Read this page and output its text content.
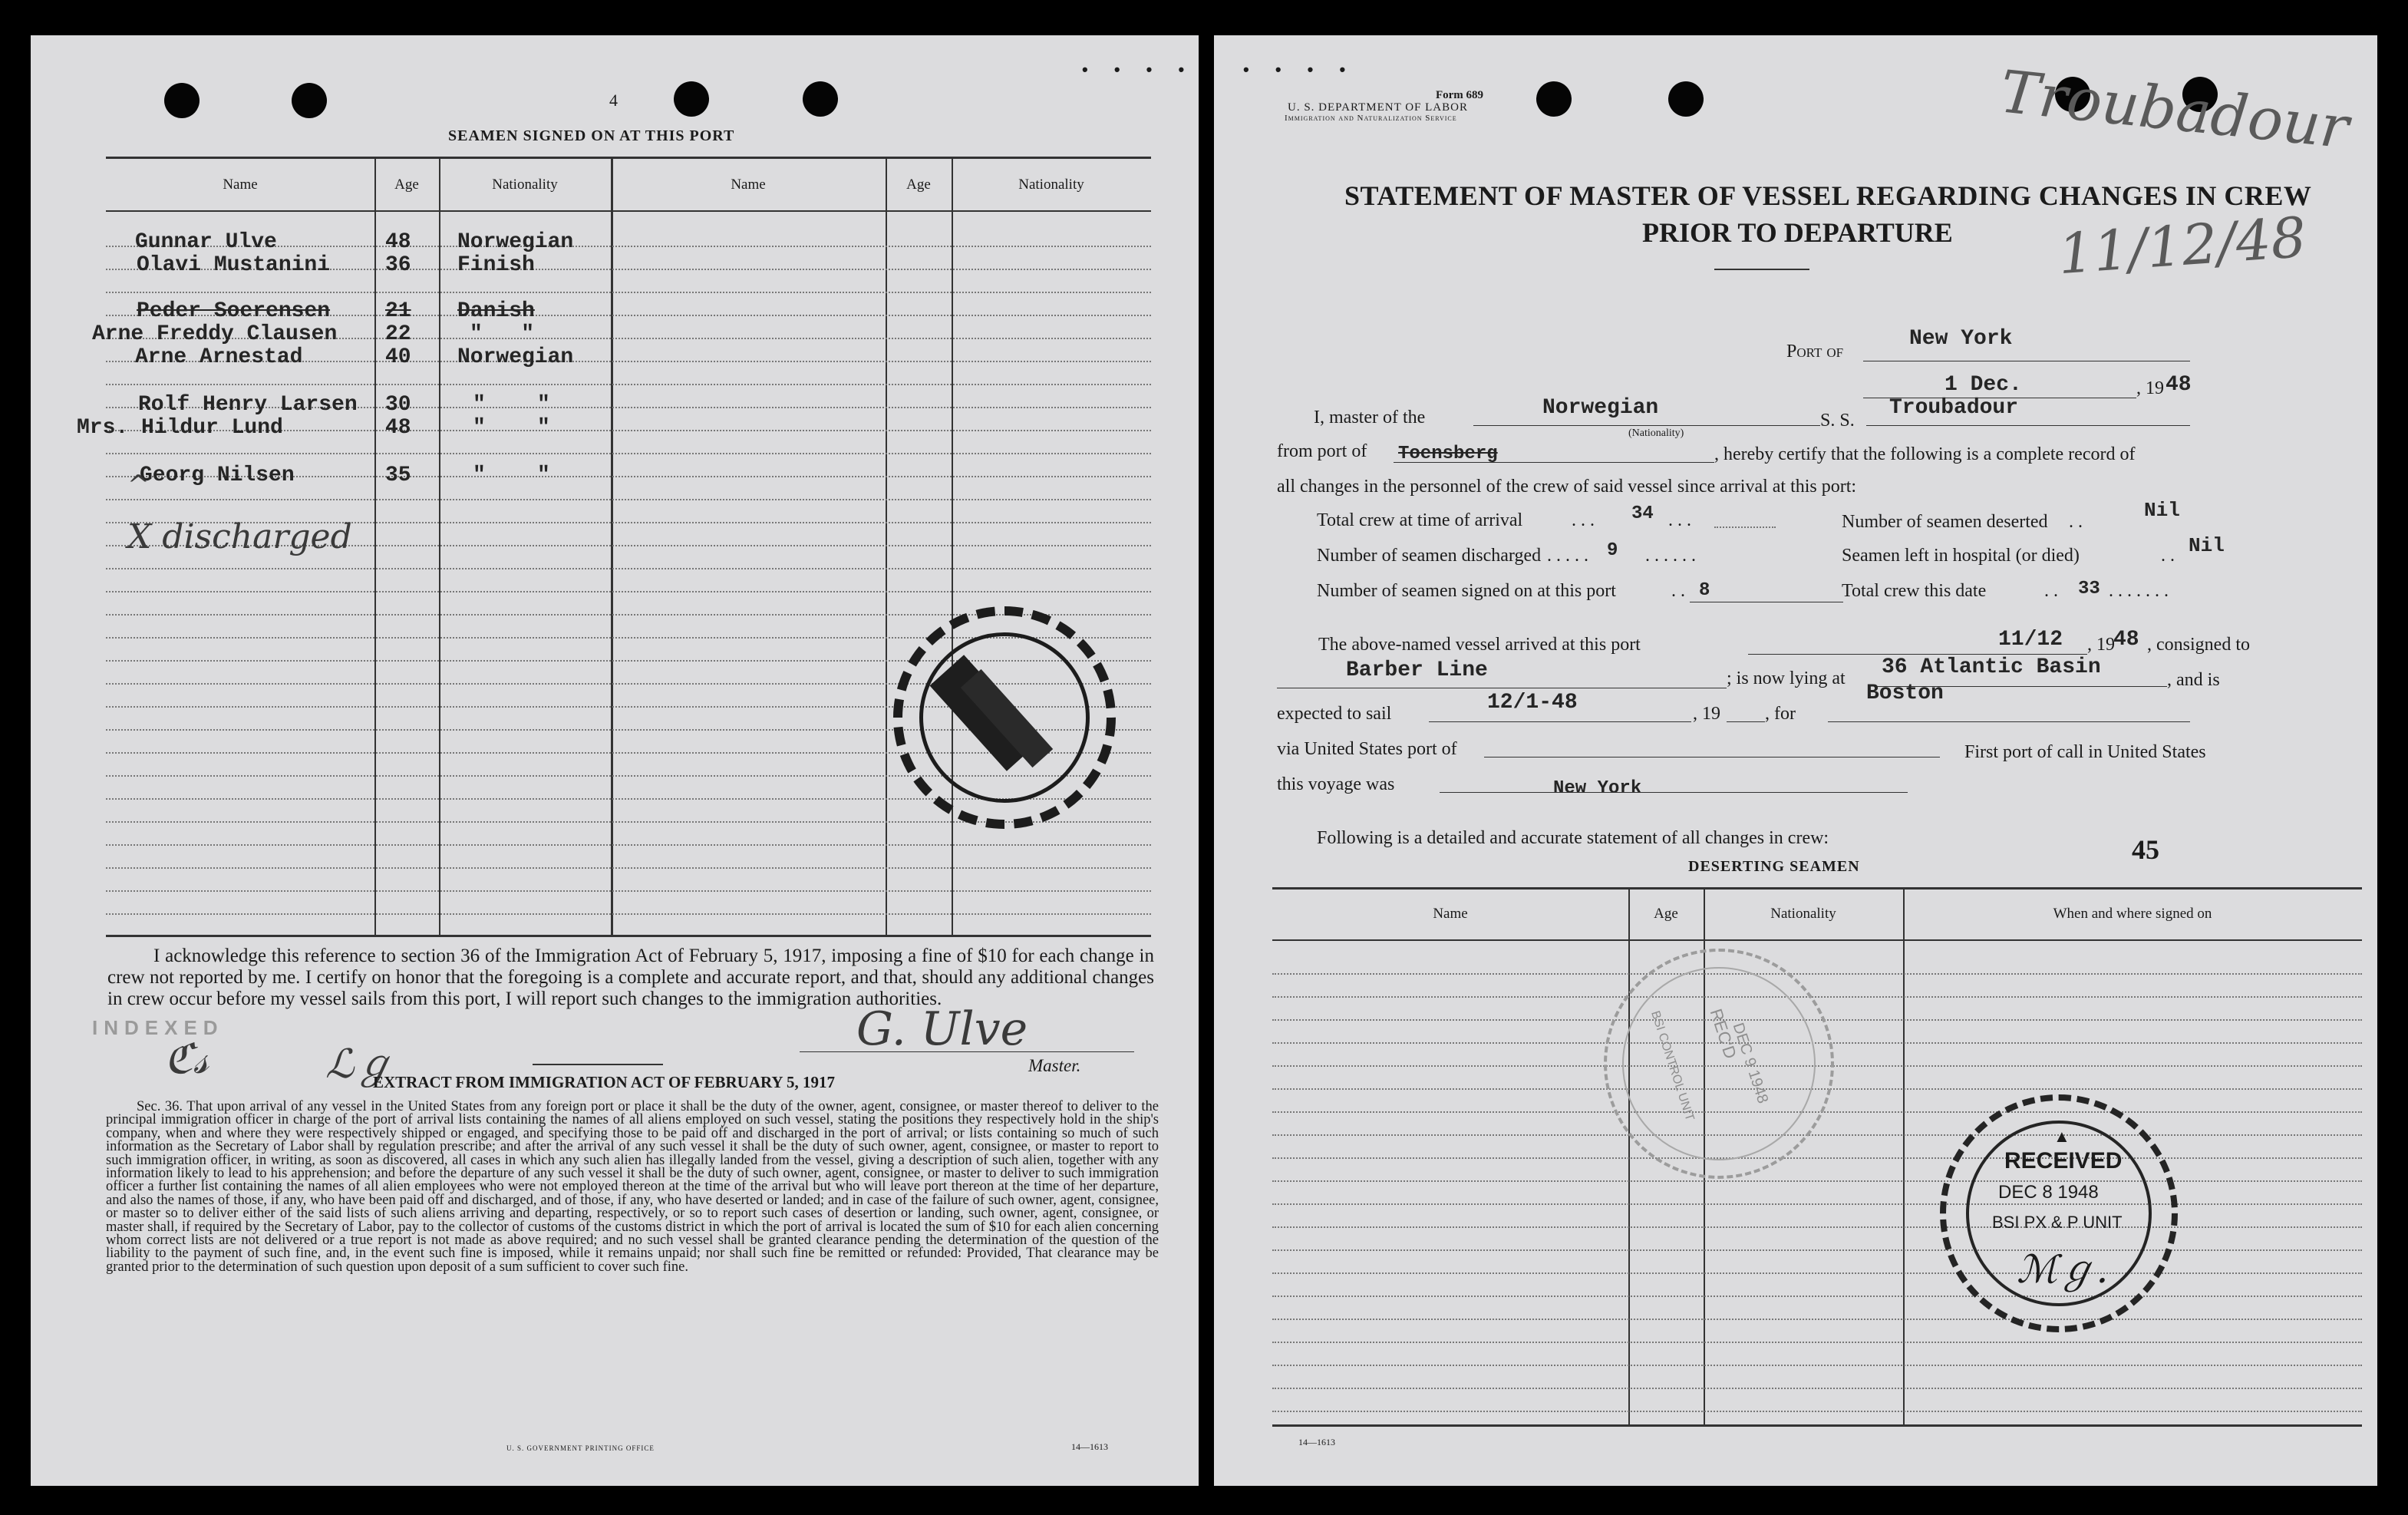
• • • •
4
SEAMEN SIGNED ON AT THIS PORT
Name	Age	Nationality	Name	Age	Nationality
Gunnar Ulve	48 Norwegian
Olavi Mustanini	36 Finish
Peder Soerensen	21 Danish
Arne Freddy Clausen 22	"   "
Arne Arnestad	40 Norwegian
Rolf Henry Larsen 30	"    "
Mrs. Hildur Lund	48	"    "
Georg Nilsen	35	"    "
^
X discharged
I acknowledge this reference to section 36 of the Immigration Act of February 5, 1917, imposing a fine of $10 for each change in crew not reported by me. I certify on honor that the foregoing is a complete and accurate report, and that, should any additional changes in crew occur before my vessel sails from this port, I will report such changes to the immigration authorities.
INDEXED
ℭ𝓈	ℒℊ
G. Ulve
Master.
EXTRACT FROM IMMIGRATION ACT OF FEBRUARY 5, 1917
Sec. 36. That upon arrival of any vessel in the United States from any foreign port or place it shall be the duty of the owner, agent, consignee, or master thereof to deliver to the principal immigration officer in charge of the port of arrival lists containing the names of all aliens employed on such vessel, stating the positions they respectively hold in the ship's company, when and where they were respectively shipped or engaged, and specifying those to be paid off and discharged in the port of arrival; or lists containing so much of such information as the Secretary of Labor shall by regulation prescribe; and after the arrival of any such vessel it shall be the duty of such owner, agent, consignee, or master to report to such immigration officer, in writing, as soon as discovered, all cases in which any such alien has illegally landed from the vessel, giving a description of such alien, together with any information likely to lead to his apprehension; and before the departure of any such vessel it shall be the duty of such owner, agent, consignee, or master to deliver to such immigration officer a further list containing the names of all alien employees who were not employed thereon at the time of the arrival but who will leave port thereon at the time of her departure, and also the names of those, if any, who have been paid off and discharged, and of those, if any, who have deserted or landed; and in case of the failure of such owner, agent, consignee, or master so to deliver either of the said lists of such aliens arriving and departing, respectively, or so to report such cases of desertion or landing, such owner, agent, consignee, or master shall, if required by the Secretary of Labor, pay to the collector of customs of the customs district in which the port of arrival is located the sum of $10 for each alien concerning whom correct lists are not delivered or a true report is not made as above required; and no such vessel shall be granted clearance pending the determination of the question of the liability to the payment of such fine, and, in the event such fine is imposed, while it remains unpaid; nor shall such fine be remitted or refunded: Provided, That clearance may be granted prior to the determination of such question upon deposit of a sum sufficient to cover such fine.
U. S. GOVERNMENT PRINTING OFFICE	14—1613
• • • •
Form 689
U. S. DEPARTMENT OF LABOR
Immigration and Naturalization Service	Troubadour
11/12/48
STATEMENT OF MASTER OF VESSEL REGARDING CHANGES IN CREW
PRIOR TO DEPARTURE
Port of
New York
1 Dec.	, 19 48
I, master of the	Norwegian
(Nationality)
S. S.
Troubadour
from port of Toensberg	, hereby certify that the following is a complete record of
all changes in the personnel of the crew of said vessel since arrival at this port:
Total crew at time of arrival	. . . 34 . . .	Number of seamen deserted . .	Nil
Number of seamen discharged . . . . . 9 . . . . . .	Seamen left in hospital (or died)	. . Nil
Number of seamen signed on at this port	. . 8	Total crew this date	. . 33 . . . . . . .
The above-named vessel arrived at this port	11/12 , 19
48 , consigned to
Barber Line	; is now lying at 36 Atlantic Basin
, and is
expected to sail	12/1-48	, 19 , for
Boston
via United States port of	First port of call in United States
this voyage was	New York
Following is a detailed and accurate statement of all changes in crew:	45
DESERTING SEAMEN
Name	Age	Nationality	When and where signed on
REC'D
DEC 9 1948
BSI CONTROL UNIT
▲
RECEIVED
DEC 8 1948
BSI PX & P UNIT
ℳℊ.
14—1613
